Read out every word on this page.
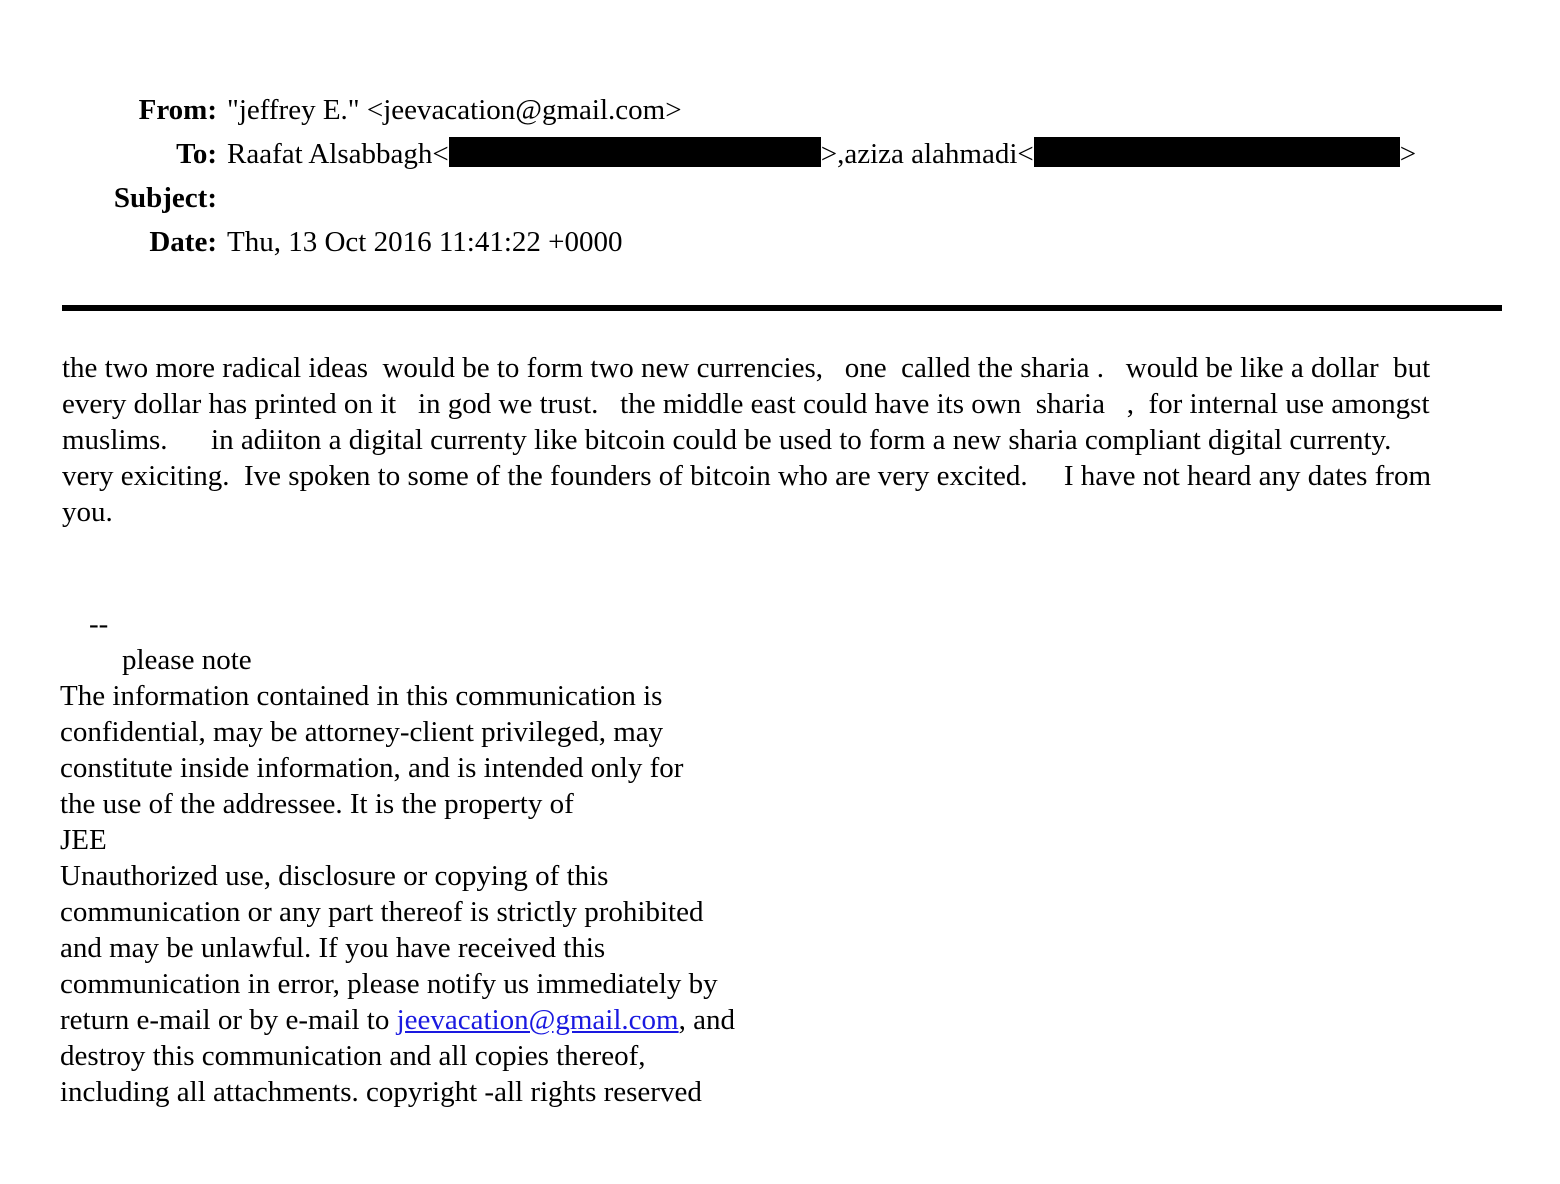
From: "jeffrey E." <jeevacation@gmail.com>
To: Raafat Alsabbagh <	> , aziza alahmadi <	>
Subject:
Date: Thu, 13 Oct 2016 11:41:22 +0000
the two more radical ideas  would be to form two new currencies,   one  called the sharia .   would be like a dollar  but every dollar has printed on it   in god we trust.   the middle east could have its own  sharia   ,  for internal use amongst muslims.      in adiiton a digital currenty like bitcoin could be used to form a new sharia compliant digital currenty.   very exiciting.  Ive spoken to some of the founders of bitcoin who are very excited.     I have not heard any dates from you.

--

please note
The information contained in this communication is
confidential, may be attorney-client privileged, may
constitute inside information, and is intended only for
the use of the addressee. It is the property of
JEE
Unauthorized use, disclosure or copying of this
communication or any part thereof is strictly prohibited
and may be unlawful. If you have received this
communication in error, please notify us immediately by
return e-mail or by e-mail to jeevacation@gmail.com, and
destroy this communication and all copies thereof,
including all attachments. copyright -all rights reserved
